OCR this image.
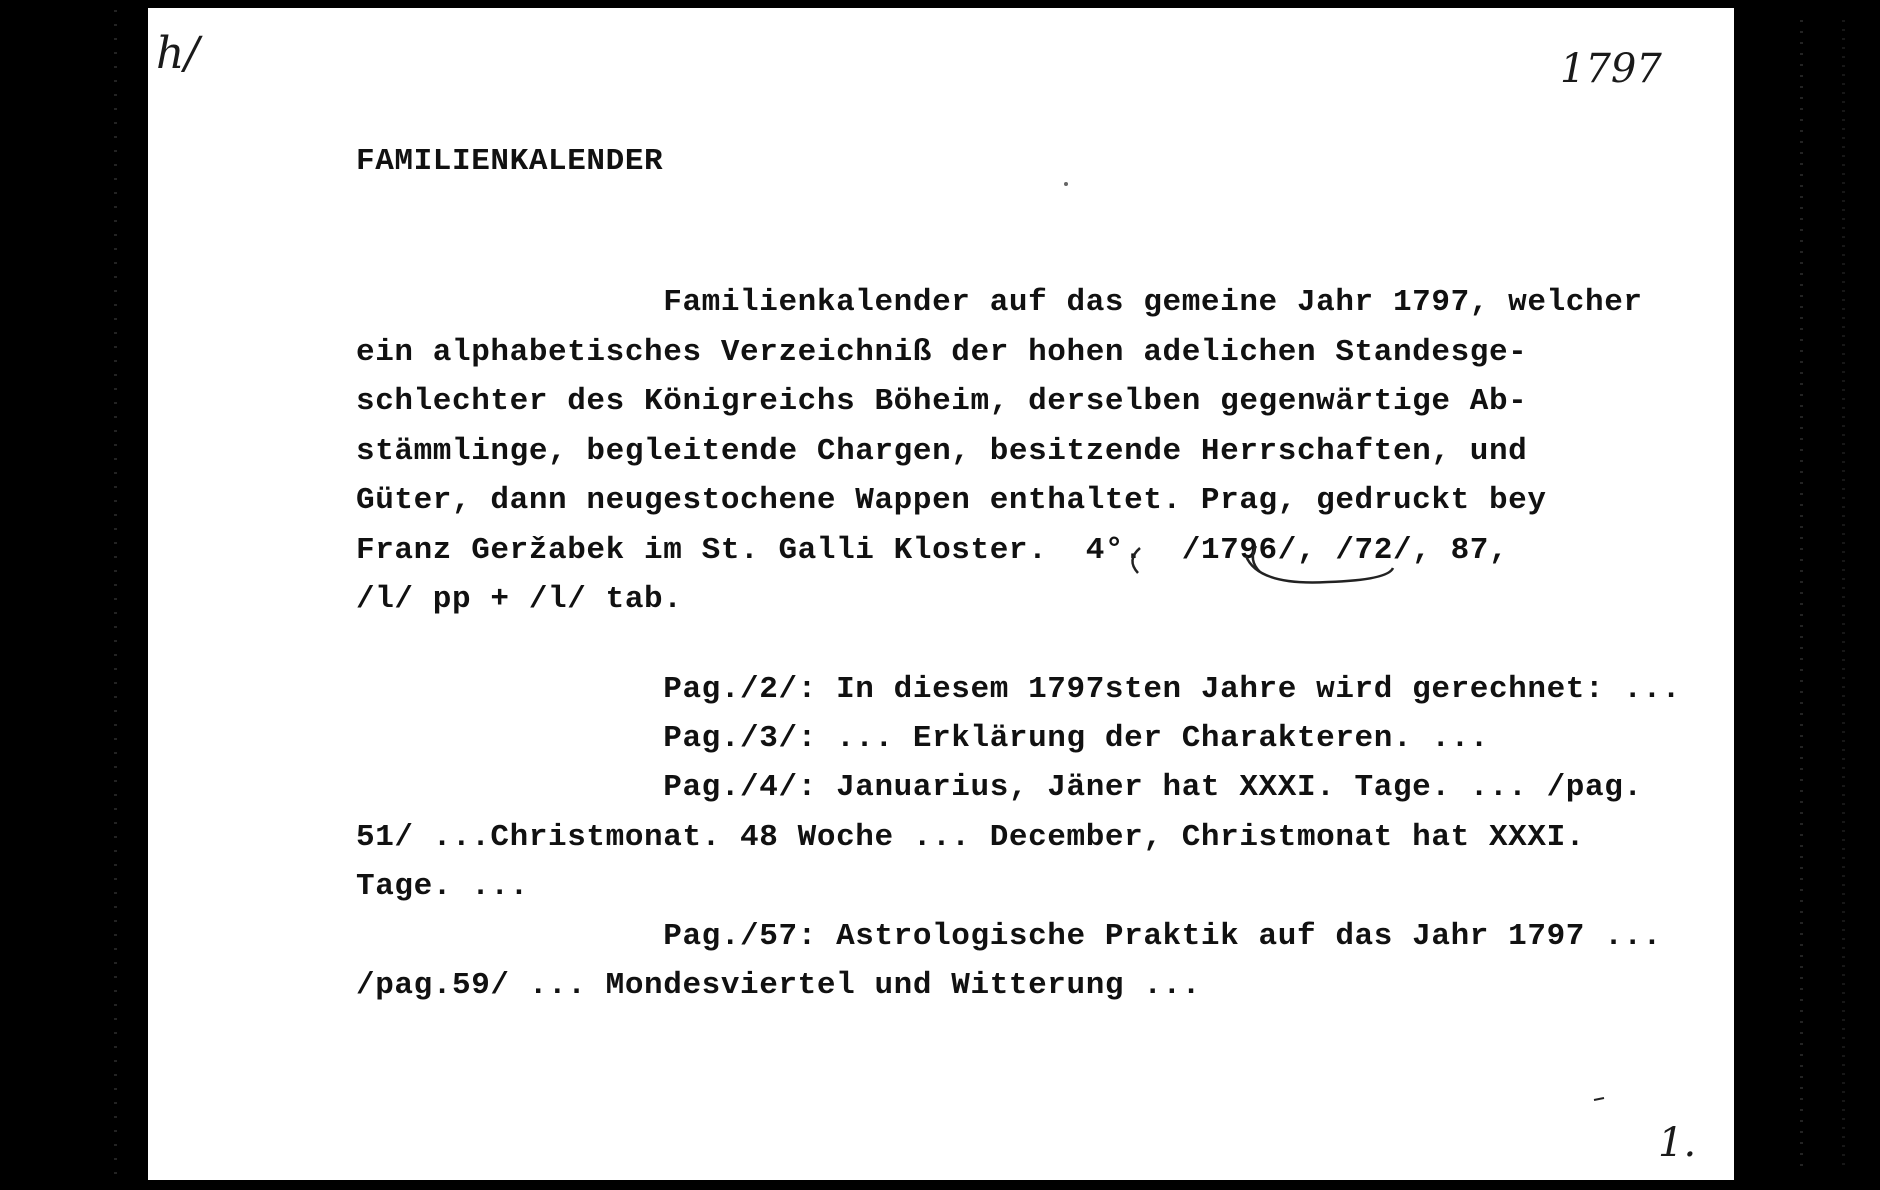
h/	1797
FAMILIENKALENDER
Familienkalender auf das gemeine Jahr 1797, welcher
ein alphabetisches Verzeichniß der hohen adelichen Standesge-
schlechter des Königreichs Böheim, derselben gegenwärtige Ab-
stämmlinge, begleitende Chargen, besitzende Herrschaften, und
Güter, dann neugestochene Wappen enthaltet. Prag, gedruckt bey
Franz Geržabek im St. Galli Kloster.  4°.  /1796/, /72/, 87,
/l/ pp + /l/ tab.
Pag./2/: In diesem 1797sten Jahre wird gerechnet: ...
Pag./3/: ... Erklärung der Charakteren. ...
Pag./4/: Januarius, Jäner hat XXXI. Tage. ... /pag.
51/ ...Christmonat. 48 Woche ... December, Christmonat hat XXXI.
Tage. ...
Pag./57: Astrologische Praktik auf das Jahr 1797 ...
/pag.59/ ... Mondesviertel und Witterung ...
1.
